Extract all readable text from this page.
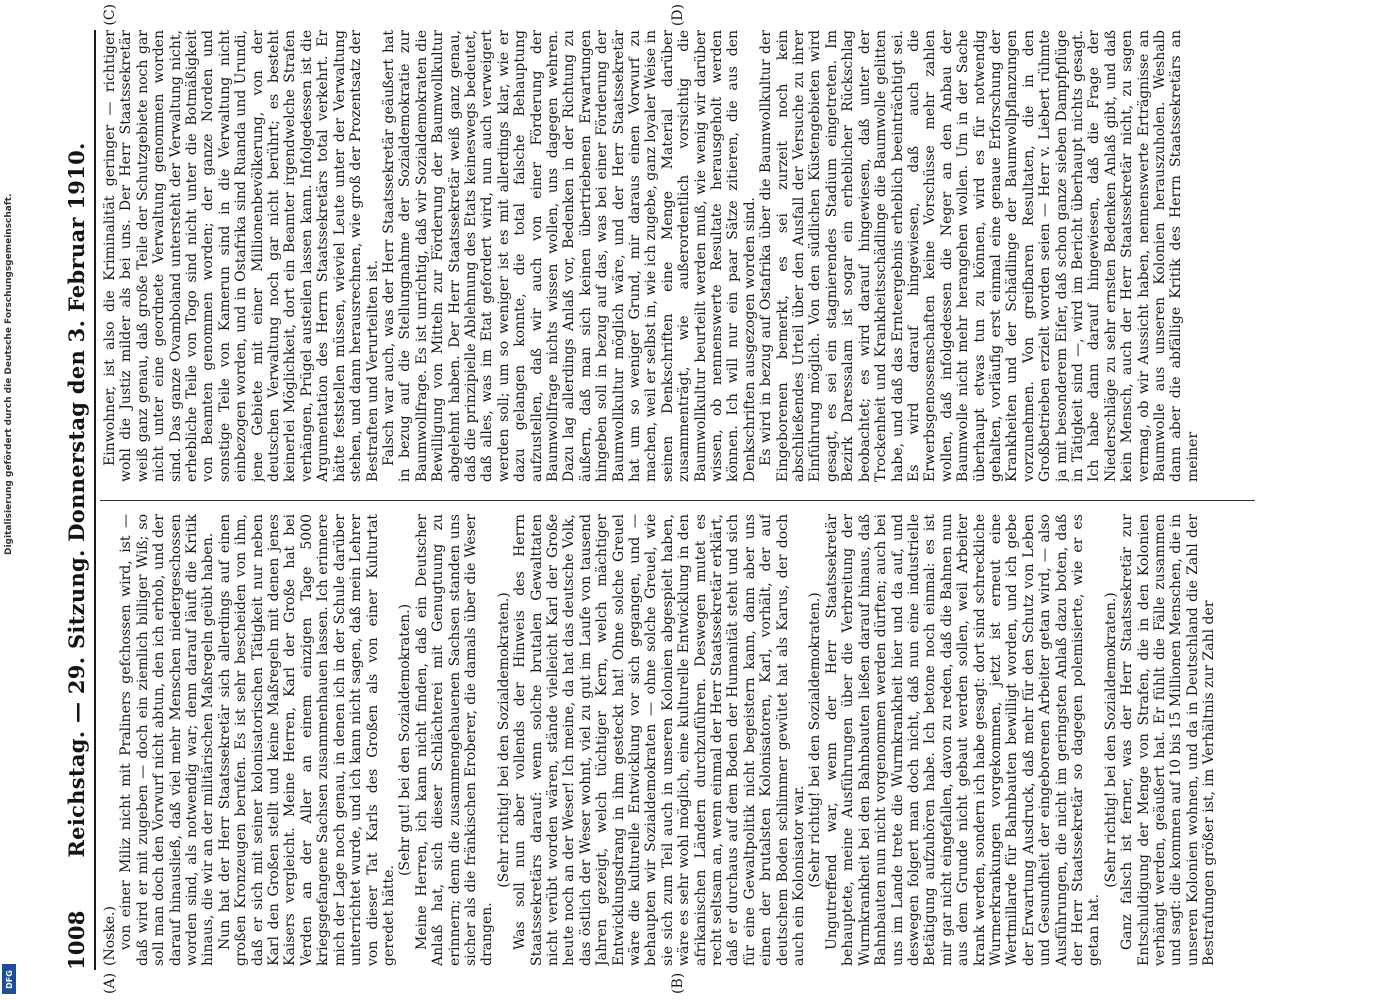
1008
Reichstag. — 29. Sitzung. Donnerstag den 3. Februar 1910.
(A)	(B)
(C)	(D)

(Noske.) von einer Miliz nicht mit Praliners gefchossen wird, ist — daß wird er mit zugeben — doch ein ziemlich billiger Wiß; so soll man doch den Vorwurf nicht abtun, den ich erhob, und der darauf hinausließ, daß viel mehr Menschen niedergeschossen worden sind, als notwendig war; denn darauf läuft die Kritik hinaus, die wir an der militärischen Maßregeln geübt haben. Nun hat der Herr Staatssekretär sich allerdings auf einen großen Kronzeugen berufen. Es ist sehr bescheiden von ihm, daß er sich mit seiner kolonisatorischen Tätigkeit nur neben Karl den Großen stellt und keine Maßregeln mit denen jenes Kaisers vergleicht. Meine Herren, Karl der Große hat bei Verden an der Aller an einem einzigen Tage 5000 kriegsgefangene Sachsen zusammenhauen lassen. Ich erinnere mich der Lage noch genau, in denen ich in der Schule darüber unterrichtet wurde, und ich kann nicht sagen, daß mein Lehrer von dieser Tat Karls des Großen als von einer Kulturtat geredet hätte.

(Sehr gut! bei den Sozialdemokraten.) Meine Herren, ich kann nicht finden, daß ein Deutscher Anlaß hat, sich dieser Schlächterei mit Genugtuung zu erinnern; denn die zusammengehauenen Sachsen standen uns sicher als die fränkischen Eroberer, die damals über die Weser drangen.

(Sehr richtig! bei den Sozialdemokraten.) Was soll nun aber vollends der Hinweis des Herrn Staatssekretärs darauf: wenn solche brutalen Gewalttaten nicht verübt worden wären, stände vielleicht Karl der Große heute noch an der Weser! Ich meine, da hat das deutsche Volk, das östlich der Weser wohnt, viel zu gut im Laufe von tausend Jahren gezeigt, welch tüchtiger Kern, welch mächtiger Entwicklungsdrang in ihm gesteckt hat! Ohne solche Greuel wäre die kulturelle Entwicklung vor sich gegangen, und — behaupten wir Sozialdemokraten — ohne solche Greuel, wie sie sich zum Teil auch in unseren Kolonien abgespielt haben, wäre es sehr wohl möglich, eine kulturelle Entwicklung in den afrikanischen Ländern durchzuführen. Deswegen mutet es recht seltsam an, wenn einmal der Herr Staatssekretär erklärt, daß er durchaus auf dem Boden der Humanität steht und sich für eine Gewaltpolitik nicht begeistern kann, dann aber uns einen der brutalsten Kolonisatoren, Karl, vorhält, der auf deutschem Boden schlimmer gewütet hat als Karus, der doch auch ein Kolonisator war. (Sehr richtig! bei den Sozialdemokraten.) Ungutreffend war, wenn der Herr Staatssekretär behauptete, meine Ausführungen über die Verbreitung der Wurmkrankheit bei den Bahnbauten ließen darauf hinaus, daß Bahnbauten nun nicht vorgenommen werden dürften; auch bei uns im Lande trete die Wurmkrankheit hier und da auf, und deswegen folgert man doch nicht, daß nun eine industrielle Betätigung aufzuhören habe. Ich betone noch einmal: es ist mir gar nicht eingefallen, davon zu reden, daß die Bahnen nun aus dem Grunde nicht gebaut werden sollen, weil Arbeiter krank werden, sondern ich habe gesagt: dort sind schreckliche Wurmerkrankungen vorgekommen, jetzt ist erneut eine Wertmillarde für Bahnbauten bewilligt worden, und ich gebe der Erwartung Ausdruck, daß mehr für den Schutz von Leben und Gesundheit der eingeborenen Arbeiter getan wird, — also Ausführungen, die nicht im geringsten Anlaß dazu boten, daß der Herr Staatssekretär so dagegen polemisierte, wie er es getan hat.

(Sehr richtig! bei den Sozialdemokraten.) Ganz falsch ist ferner, was der Herr Staatssekretär zur Entschuldigung der Menge von Strafen, die in den Kolonien verhängt werden, geäußert hat. Er fühlt die Fälle zusammen und sagt: die kommen auf 10 bis 15 Millionen Menschen, die in unseren Kolonien wohnen, und da in Deutschland die Zahl der Bestrafungen größer ist, im Verhältnis zur Zahl der

Einwohner, ist also die Kriminalität geringer — richtiger wohl die Justiz milder als bei uns. Der Herr Staatssekretär weiß ganz genau, daß große Teile der Schutzgebiete noch gar nicht unter eine geordnete Verwaltung genommen worden sind. Das ganze Ovamboland untersteht der Verwaltung nicht, erhebliche Teile von Togo sind nicht unter die Botmäßigkeit von Beamten genommen worden; der ganze Norden und sonstige Teile von Kamerun sind in die Verwaltung nicht einbezogen worden, und in Ostafrika sind Ruanda und Urundi, jene Gebiete mit einer Millionenbevölkerung, von der deutschen Verwaltung noch gar nicht berührt; es besteht keinerlei Möglichkeit, dort ein Beamter irgendwelche Strafen verhängen, Prügel austeilen lassen kann. Infolgedessen ist die Argumentation des Herrn Staatssekretärs total verkehrt. Er hätte feststellen müssen, wieviel Leute unter der Verwaltung stehen, und dann herausrechnen, wie groß der Prozentsatz der Bestraften und Verurteilten ist. Falsch war auch, was der Herr Staatssekretär geäußert hat in bezug auf die Stellungnahme der Sozialdemokratie zur Baumwollfrage. Es ist unrichtig, daß wir Sozialdemokraten die Bewilligung von Mitteln zur Förderung der Baumwollkultur abgelehnt haben. Der Herr Staatssekretär weiß ganz genau, daß die prinzipielle Ablehnung des Etats keineswegs bedeutet, daß alles, was im Etat gefordert wird, nun auch verweigert werden soll; um so weniger ist es mit allerdings klar, wie er dazu gelangen konnte, die total falsche Behauptung aufzustellen, daß wir auch von einer Förderung der Baumwollfrage nichts wissen wollen, uns dagegen wehren. Dazu lag allerdings Anlaß vor, Bedenken in der Richtung zu äußern, daß man sich keinen übertriebenen Erwartungen hingeben soll in bezug auf das, was bei einer Förderung der Baumwollkultur möglich wäre, und der Herr Staatssekretär hat um so weniger Grund, mir daraus einen Vorwurf zu machen, weil er selbst in, wie ich zugebe, ganz loyaler Weise in seinen Denkschriften eine Menge Material darüber zusammenträgt, wie außerordentlich vorsichtig die Baumwollkultur beurteilt werden muß, wie wenig wir darüber wissen, ob nennenswerte Resultate herausgeholt werden können. Ich will nur ein paar Sätze zitieren, die aus den Denkschriften ausgezogen worden sind. Es wird in bezug auf Ostafrika über die Baumwollkultur der Eingeborenen bemerkt, es sei zurzeit noch kein abschließendes Urteil über den Ausfall der Versuche zu ihrer Einführung möglich. Von den südlichen Küstengebieten wird gesagt, es sei ein stagnierendes Stadium eingetreten. Im Bezirk Daressalam ist sogar ein erheblicher Rückschlag beobachtet; es wird darauf hingewiesen, daß unter der Trockenheit und Krankheitsschädlinge die Baumwolle gelitten habe, und daß das Ernteergebnis erheblich beeinträchtigt sei. Es wird darauf hingewiesen, daß auch die Erwerbsgenossenschaften keine Vorschüsse mehr zahlen wollen, daß infolgedessen die Neger an den Anbau der Baumwolle nicht mehr herangehen wollen. Um in der Sache überhaupt etwas tun zu können, wird es für notwendig gehalten, vorläufig erst einmal eine genaue Erforschung der Krankheiten und der Schädlinge der Baumwollpflanzungen vorzunehmen. Von greifbaren Resultaten, die in den Großbetrieben erzielt worden seien — Herr v. Liebert rühmte ja mit besonderem Eifer, daß schon ganze sieben Dampfpflüge in Tätigkeit sind —, wird im Bericht überhaupt nichts gesagt. Ich habe dann darauf hingewiesen, daß die Frage der Niederschläge zu sehr ernsten Bedenken Anlaß gibt, und daß kein Mensch, auch der Herr Staatssekretär nicht, zu sagen vermag, ob wir Aussicht haben, nennenswerte Erträgnisse an Baumwolle aus unseren Kolonien herauszuholen. Weshalb dann aber die abfällige Kritik des Herrn Staatssekretärs an meiner

Digitalisierung gefördert durch die Deutsche Forschungsgemeinschaft.
DFG
